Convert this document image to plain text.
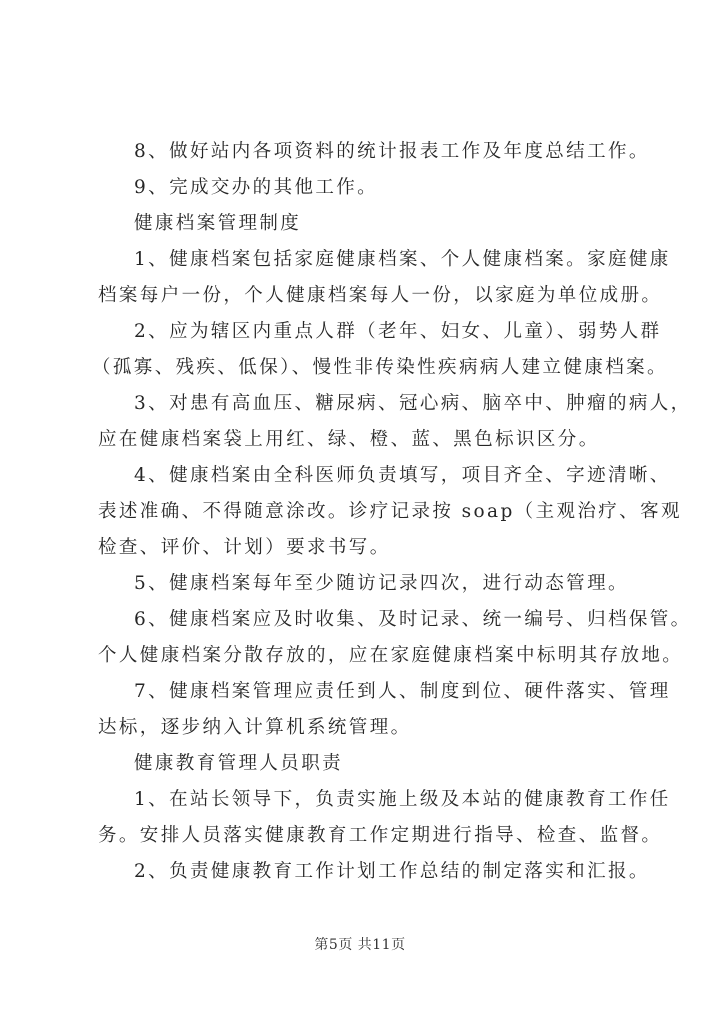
8、做好站内各项资料的统计报表工作及年度总结工作。
9、完成交办的其他工作。
健康档案管理制度
1、健康档案包括家庭健康档案、个人健康档案。家庭健康
档案每户一份，个人健康档案每人一份，以家庭为单位成册。
2、应为辖区内重点人群（老年、妇女、儿童）、弱势人群
（孤寡、残疾、低保）、慢性非传染性疾病病人建立健康档案。
3、对患有高血压、糖尿病、冠心病、脑卒中、肿瘤的病人，
应在健康档案袋上用红、绿、橙、蓝、黑色标识区分。
4、健康档案由全科医师负责填写，项目齐全、字迹清晰、
表述准确、不得随意涂改。诊疗记录按 soap（主观治疗、客观
检查、评价、计划）要求书写。
5、健康档案每年至少随访记录四次，进行动态管理。
6、健康档案应及时收集、及时记录、统一编号、归档保管。
个人健康档案分散存放的，应在家庭健康档案中标明其存放地。
7、健康档案管理应责任到人、制度到位、硬件落实、管理
达标，逐步纳入计算机系统管理。
健康教育管理人员职责
1、在站长领导下，负责实施上级及本站的健康教育工作任
务。安排人员落实健康教育工作定期进行指导、检查、监督。
2、负责健康教育工作计划工作总结的制定落实和汇报。
第5页 共11页
